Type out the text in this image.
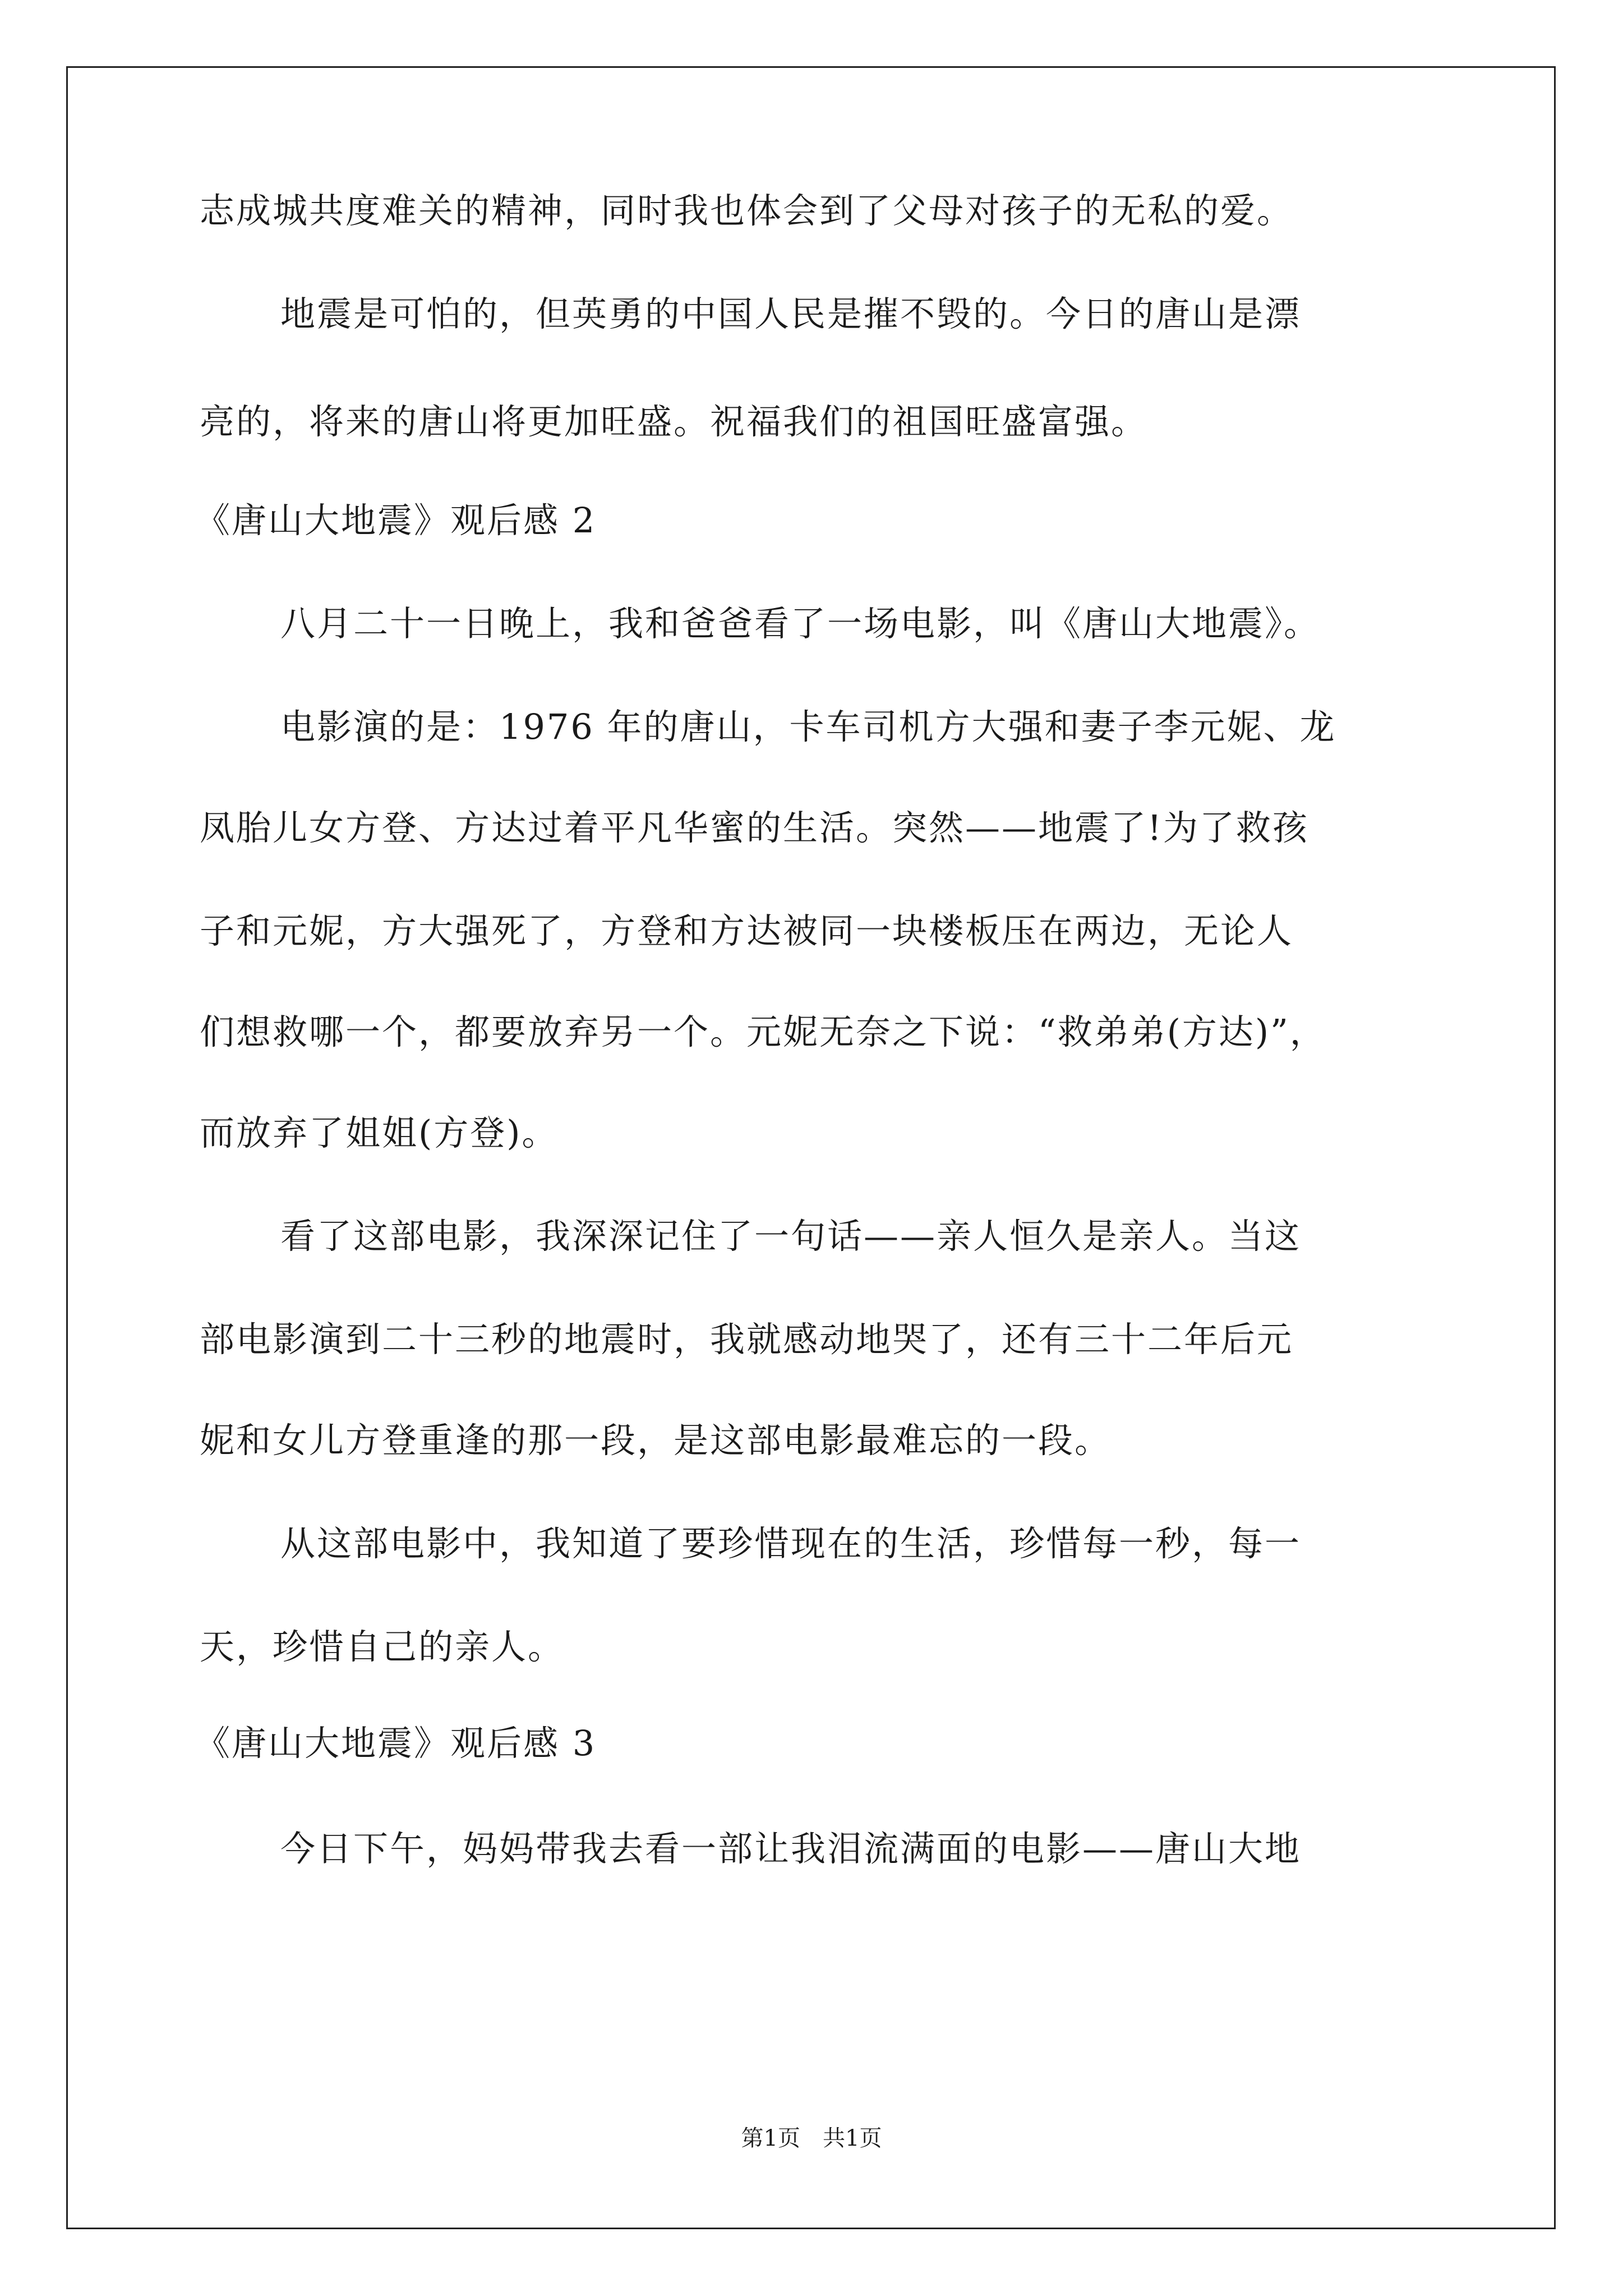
志成城共度难关的精神，同时我也体会到了父母对孩子的无私的爱。
地震是可怕的，但英勇的中国人民是摧不毁的。今日的唐山是漂
亮的，将来的唐山将更加旺盛。祝福我们的祖国旺盛富强。
《唐山大地震》观后感 2
八月二十一日晚上，我和爸爸看了一场电影，叫《唐山大地震》。
电影演的是：1976 年的唐山，卡车司机方大强和妻子李元妮、龙
凤胎儿女方登、方达过着平凡华蜜的生活。突然——地震了!为了救孩
子和元妮，方大强死了，方登和方达被同一块楼板压在两边，无论人
们想救哪一个，都要放弃另一个。元妮无奈之下说：“救弟弟(方达)”，
而放弃了姐姐(方登)。
看了这部电影，我深深记住了一句话——亲人恒久是亲人。当这
部电影演到二十三秒的地震时，我就感动地哭了，还有三十二年后元
妮和女儿方登重逢的那一段，是这部电影最难忘的一段。
从这部电影中，我知道了要珍惜现在的生活，珍惜每一秒，每一
天，珍惜自己的亲人。
《唐山大地震》观后感 3
今日下午，妈妈带我去看一部让我泪流满面的电影——唐山大地
第1页　共1页
